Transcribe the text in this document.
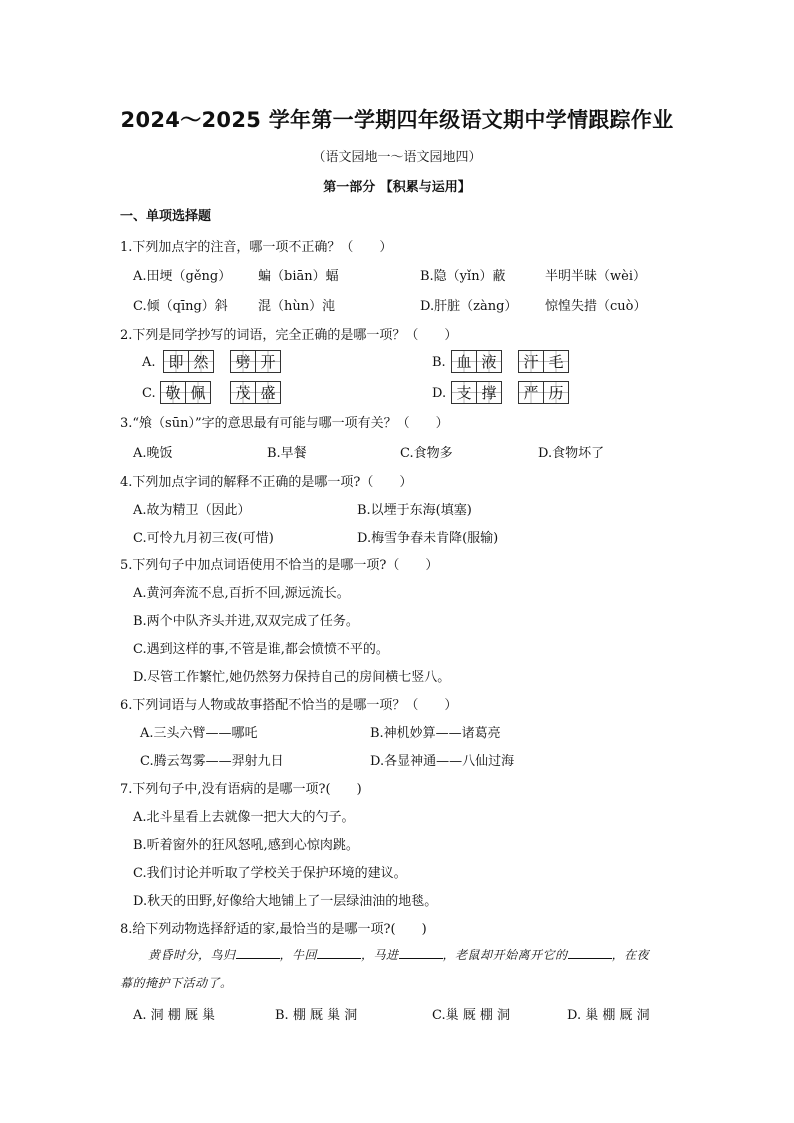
2024～2025 学年第一学期四年级语文期中学情跟踪作业
（语文园地一～语文园地四）
第一部分 【积累与运用】
一、单项选择题
1.下列加点字的注音，哪一项不正确？（　　）
A.田埂（gěng） 蝙（biān）蝠	B.隐（yǐn）蔽	半明半昧（wèi）
C.倾（qīng）斜 混（hùn）沌	D.肝脏（zàng） 惊惶失措（cuò）
2.下列是同学抄写的词语，完全正确的是哪一项？（　　）
A. 即 然 劈 开	B. 血 液 汗 毛
C. 敬 佩 茂 盛	D. 支 撑 严 历
3.“飧（sūn）”字的意思最有可能与哪一项有关？（　　）
A.晚饭	B.早餐	C.食物多	D.食物坏了
4.下列加点字词的解释不正确的是哪一项?（　　）
A.故为精卫（因此）	B.以堙于东海(填塞)
C.可怜九月初三夜(可惜)	D.梅雪争春未肯降(服输)
5.下列句子中加点词语使用不恰当的是哪一项?（　　）
A.黄河奔流不息,百折不回,源远流长。
B.两个中队齐头并进,双双完成了任务。
C.遇到这样的事,不管是谁,都会愤愤不平的。
D.尽管工作繁忙,她仍然努力保持自己的房间横七竖八。
6.下列词语与人物或故事搭配不恰当的是哪一项？（　　）
A.三头六臂——哪吒	B.神机妙算——诸葛亮
C.腾云驾雾——羿射九日	D.各显神通——八仙过海
7.下列句子中,没有语病的是哪一项?(　　)
A.北斗星看上去就像一把大大的勺子。
B.听着窗外的狂风怒吼,感到心惊肉跳。
C.我们讨论并听取了学校关于保护环境的建议。
D.秋天的田野,好像给大地铺上了一层绿油油的地毯。
8.给下列动物选择舒适的家,最恰当的是哪一项?(　　)
黄昏时分，鸟归	，牛回	，马进	，老鼠却开始离开它的	，在夜
幕的掩护下活动了。
A. 洞 棚 厩 巢	B. 棚 厩 巢 洞	C.巢 厩 棚 洞	D. 巢 棚 厩 洞
